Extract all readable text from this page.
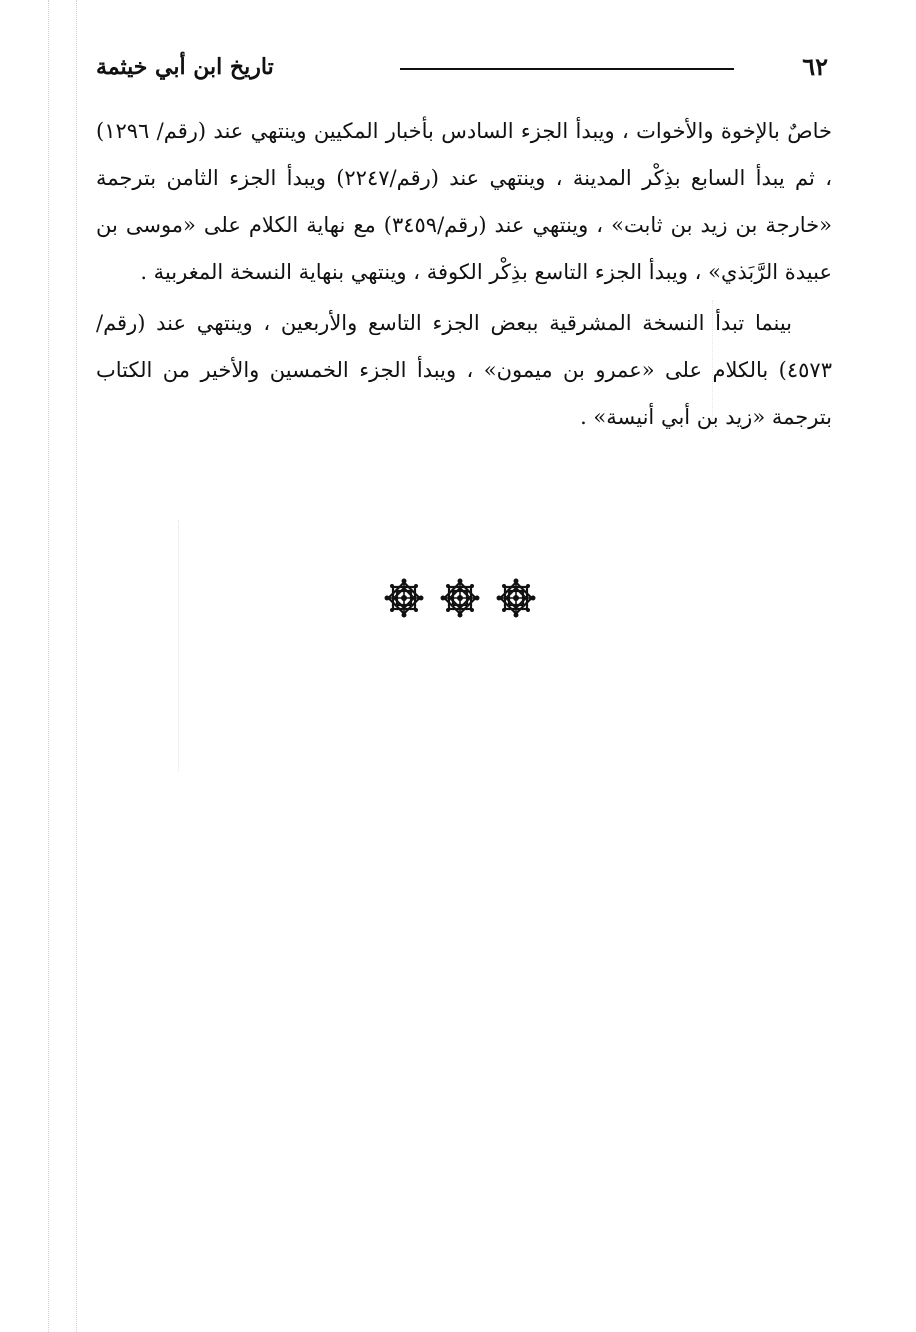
٦٢
تاريخ ابن أبي خيثمة

خاصٌ بالإخوة والأخوات ، ويبدأ الجزء السادس بأخبار المكيين وينتهي عند (رقم/ ١٢٩٦) ، ثم يبدأ السابع بذِكْر المدينة ، وينتهي عند (رقم/٢٢٤٧) ويبدأ الجزء الثامن بترجمة «خارجة بن زيد بن ثابت» ، وينتهي عند (رقم/٣٤٥٩) مع نهاية الكلام على «موسى بن عبيدة الرَّبَذي» ، ويبدأ الجزء التاسع بذِكْر الكوفة ، وينتهي بنهاية النسخة المغربية .

بينما تبدأ النسخة المشرقية ببعض الجزء التاسع والأربعين ، وينتهي عند (رقم/ ٤٥٧٣) بالكلام على «عمرو بن ميمون» ، ويبدأ الجزء الخمسين والأخير من الكتاب بترجمة «زيد بن أبي أنيسة» .
